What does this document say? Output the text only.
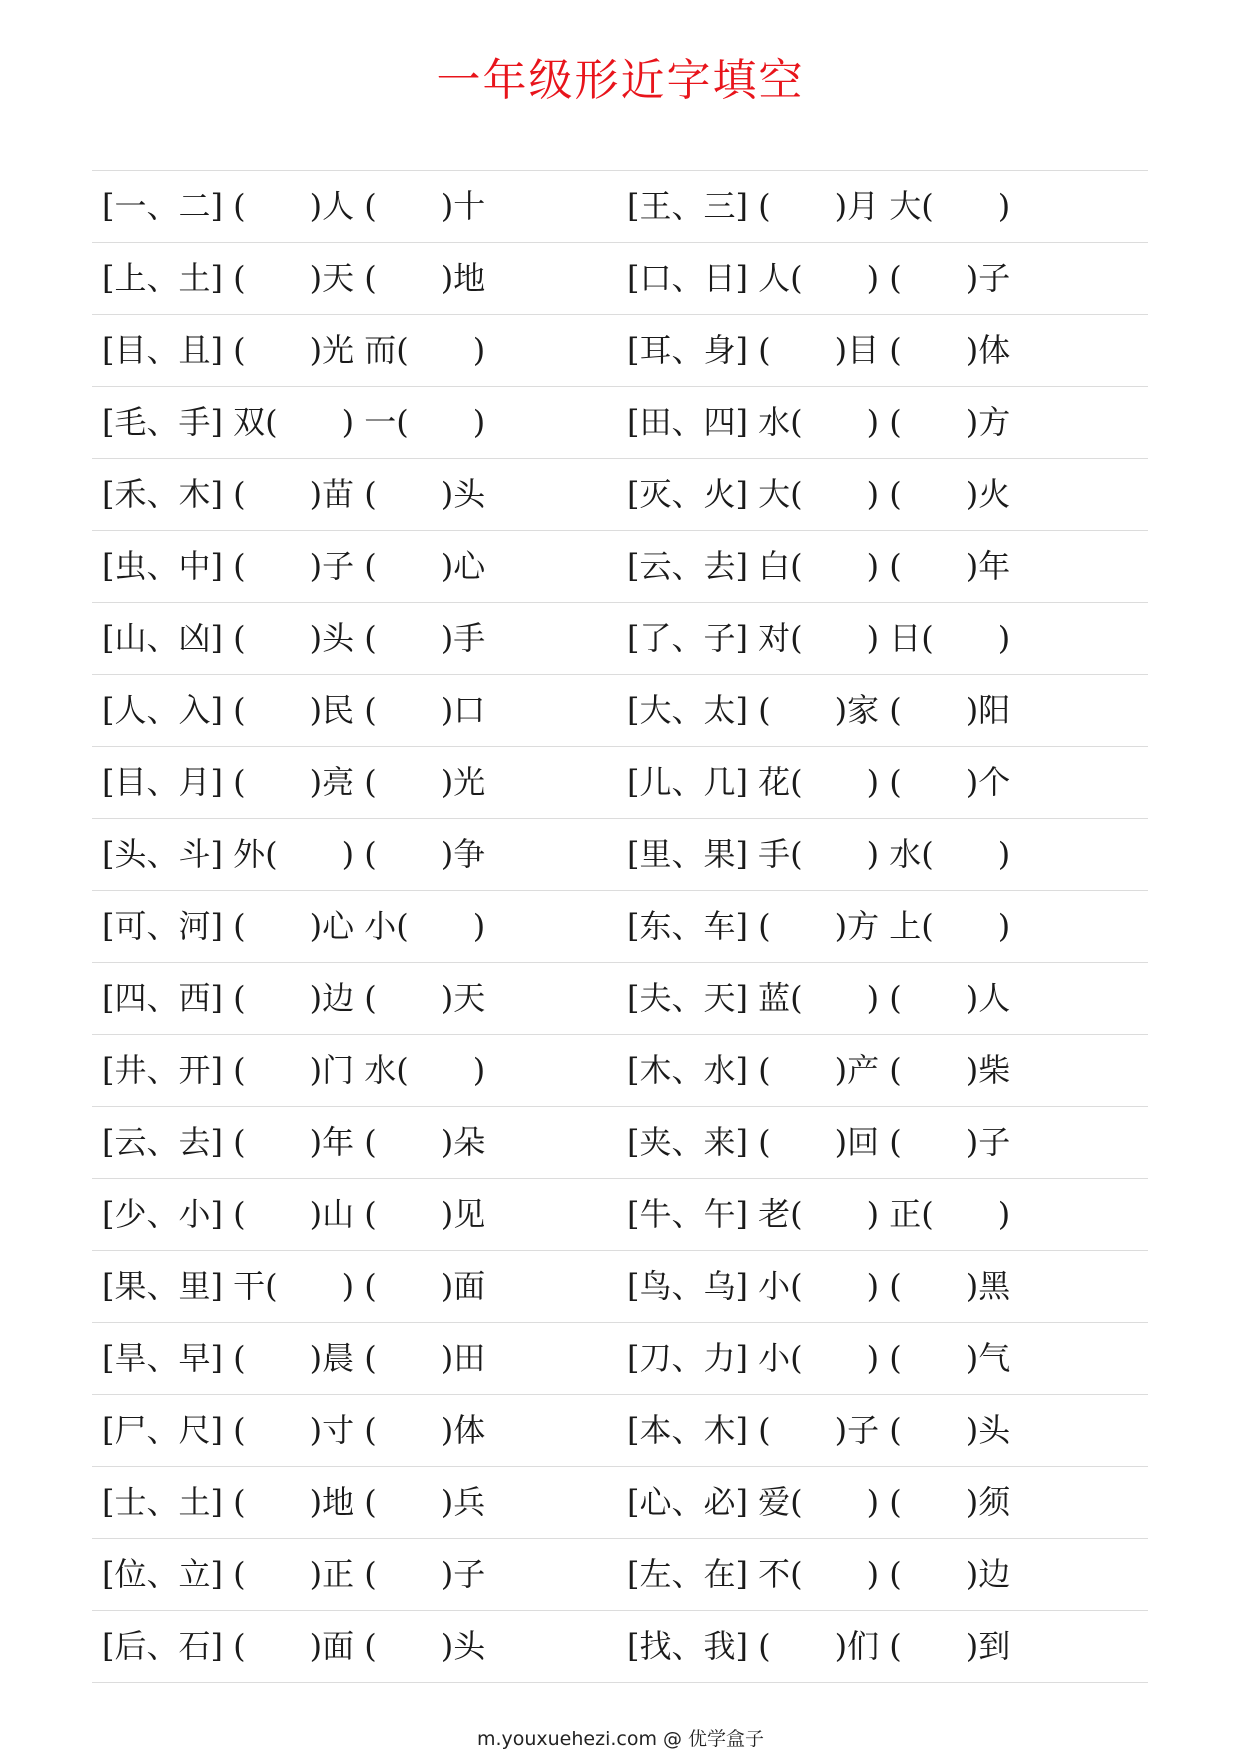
一年级形近字填空
[一、二] (　　)人 (　　)十	[王、三] (　　)月 大(　　)
[上、土] (　　)天 (　　)地	[口、日] 人(　　) (　　)子
[目、且] (　　)光 而(　　)	[耳、身] (　　)目 (　　)体
[毛、手] 双(　　) 一(　　)	[田、四] 水(　　) (　　)方
[禾、木] (　　)苗 (　　)头	[灭、火] 大(　　) (　　)火
[虫、中] (　　)子 (　　)心	[云、去] 白(　　) (　　)年
[山、凶] (　　)头 (　　)手	[了、子] 对(　　) 日(　　)
[人、入] (　　)民 (　　)口	[大、太] (　　)家 (　　)阳
[目、月] (　　)亮 (　　)光	[儿、几] 花(　　) (　　)个
[头、斗] 外(　　) (　　)争	[里、果] 手(　　) 水(　　)
[可、河] (　　)心 小(　　)	[东、车] (　　)方 上(　　)
[四、西] (　　)边 (　　)天	[夫、天] 蓝(　　) (　　)人
[井、开] (　　)门 水(　　)	[木、水] (　　)产 (　　)柴
[云、去] (　　)年 (　　)朵	[夹、来] (　　)回 (　　)子
[少、小] (　　)山 (　　)见	[牛、午] 老(　　) 正(　　)
[果、里] 干(　　) (　　)面	[鸟、乌] 小(　　) (　　)黑
[旱、早] (　　)晨 (　　)田	[刀、力] 小(　　) (　　)气
[尸、尺] (　　)寸 (　　)体	[本、木] (　　)子 (　　)头
[士、土] (　　)地 (　　)兵	[心、必] 爱(　　) (　　)须
[位、立] (　　)正 (　　)子	[左、在] 不(　　) (　　)边
[后、石] (　　)面 (　　)头	[找、我] (　　)们 (　　)到
m.youxuehezi.com @ 优学盒子
